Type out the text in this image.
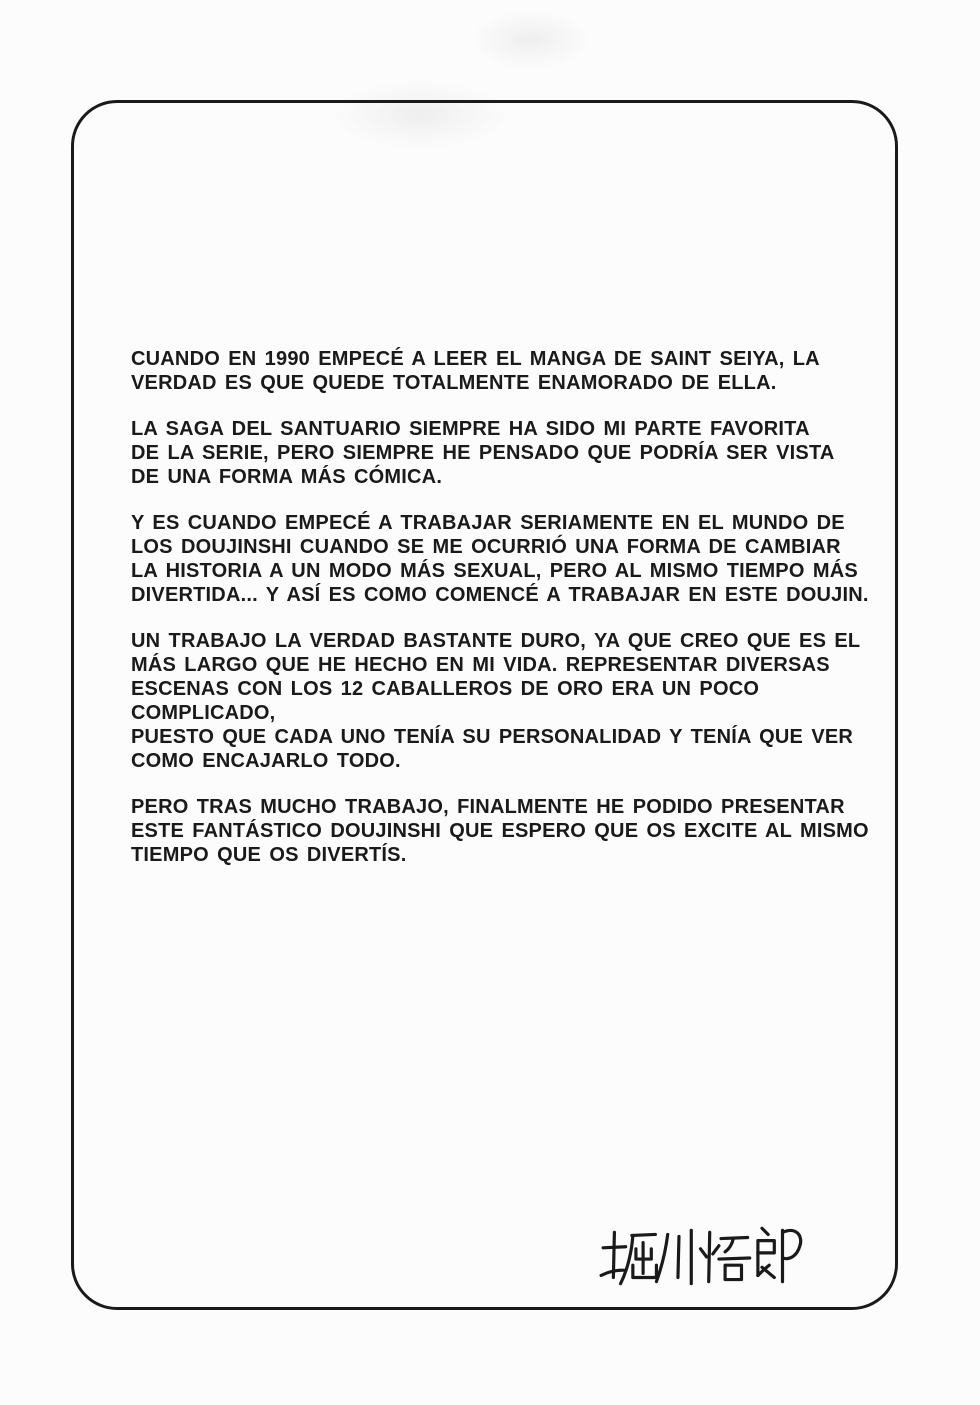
CUANDO EN 1990 EMPECÉ A LEER EL MANGA DE SAINT SEIYA, LA
VERDAD ES QUE QUEDE TOTALMENTE ENAMORADO DE ELLA.

LA SAGA DEL SANTUARIO SIEMPRE HA SIDO MI PARTE FAVORITA
DE LA SERIE, PERO SIEMPRE HE PENSADO QUE PODRÍA SER VISTA
DE UNA FORMA MÁS CÓMICA.

Y ES CUANDO EMPECÉ A TRABAJAR SERIAMENTE EN EL MUNDO DE
LOS DOUJINSHI CUANDO SE ME OCURRIÓ UNA FORMA DE CAMBIAR
LA HISTORIA A UN MODO MÁS SEXUAL, PERO AL MISMO TIEMPO MÁS
DIVERTIDA... Y ASÍ ES COMO COMENCÉ A TRABAJAR EN ESTE DOUJIN.

UN TRABAJO LA VERDAD BASTANTE DURO, YA QUE CREO QUE ES EL
MÁS LARGO QUE HE HECHO EN MI VIDA. REPRESENTAR DIVERSAS
ESCENAS CON LOS 12 CABALLEROS DE ORO ERA UN POCO COMPLICADO,
PUESTO QUE CADA UNO TENÍA SU PERSONALIDAD Y TENÍA QUE VER
COMO ENCAJARLO TODO.

PERO TRAS MUCHO TRABAJO, FINALMENTE HE PODIDO PRESENTAR
ESTE FANTÁSTICO DOUJINSHI QUE ESPERO QUE OS EXCITE AL MISMO
TIEMPO QUE OS DIVERTÍS.
